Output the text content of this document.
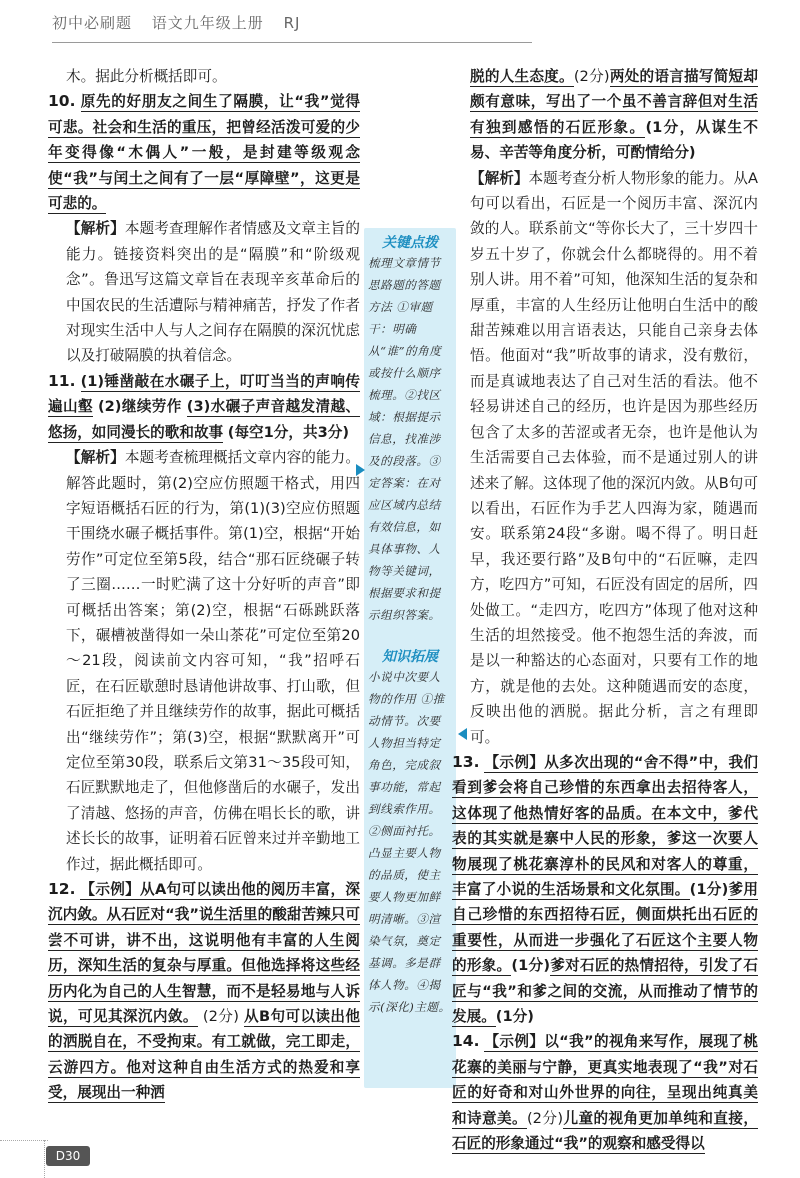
初中必刷题 语文九年级上册 RJ

木。据此分析概括即可。

10. 原先的好朋友之间生了隔膜，让“我”觉得可悲。社会和生活的重压，把曾经活泼可爱的少年变得像“木偶人”一般，是封建等级观念使“我”与闰土之间有了一层“厚障壁”，这更是可悲的。

【解析】本题考查理解作者情感及文章主旨的能力。链接资料突出的是“隔膜”和“阶级观念”。鲁迅写这篇文章旨在表现辛亥革命后的中国农民的生活遭际与精神痛苦，抒发了作者对现实生活中人与人之间存在隔膜的深沉忧虑以及打破隔膜的执着信念。

11. (1)锤凿敲在水碾子上，叮叮当当的声响传遍山壑 (2)继续劳作 (3)水碾子声音越发清越、悠扬，如同漫长的歌和故事 (每空1分，共3分)

【解析】本题考查梳理概括文章内容的能力。解答此题时，第(2)空应仿照题干格式，用四字短语概括石匠的行为，第(1)(3)空应仿照题干围绕水碾子概括事件。第(1)空，根据“开始劳作”可定位至第5段，结合“那石匠绕碾子转了三圈……一时贮满了这十分好听的声音”即可概括出答案；第(2)空，根据“石砾跳跃落下，碾槽被凿得如一朵山茶花”可定位至第20～21段，阅读前文内容可知，“我”招呼石匠，在石匠歇憩时恳请他讲故事、打山歌，但石匠拒绝了并且继续劳作的故事，据此可概括出“继续劳作”；第(3)空，根据“默默离开”可定位至第30段，联系后文第31～35段可知，石匠默默地走了，但他修凿后的水碾子，发出了清越、悠扬的声音，仿佛在唱长长的歌，讲述长长的故事，证明着石匠曾来过并辛勤地工作过，据此概括即可。

12. 【示例】从A句可以读出他的阅历丰富，深沉内敛。从石匠对“我”说生活里的酸甜苦辣只可尝不可讲，讲不出，这说明他有丰富的人生阅历，深知生活的复杂与厚重。但他选择将这些经历内化为自己的人生智慧，而不是轻易地与人诉说，可见其深沉内敛。 (2分) 从B句可以读出他的洒脱自在，不受拘束。有工就做，完工即走，云游四方。他对这种自由生活方式的热爱和享受，展现出一种洒

关键点拨
梳理文章情节思路题的答题方法 ①审题干：明确从“谁”的角度或按什么顺序梳理。②找区域：根据提示信息，找准涉及的段落。③定答案：在对应区域内总结有效信息，如具体事物、人物等关键词，根据要求和提示组织答案。
知识拓展
小说中次要人物的作用 ①推动情节。次要人物担当特定角色，完成叙事功能，常起到线索作用。②侧面衬托。凸显主要人物的品质，使主要人物更加鲜明清晰。③渲染气氛，奠定基调。多是群体人物。④揭示(深化)主题。

脱的人生态度。(2分)两处的语言描写简短却颇有意味，写出了一个虽不善言辞但对生活有独到感悟的石匠形象。(1分，从谋生不易、辛苦等角度分析，可酌情给分)

【解析】本题考查分析人物形象的能力。从A句可以看出，石匠是一个阅历丰富、深沉内敛的人。联系前文“等你长大了，三十岁四十岁五十岁了，你就会什么都晓得的。用不着别人讲。用不着”可知，他深知生活的复杂和厚重，丰富的人生经历让他明白生活中的酸甜苦辣难以用言语表达，只能自己亲身去体悟。他面对“我”听故事的请求，没有敷衍，而是真诚地表达了自己对生活的看法。他不轻易讲述自己的经历，也许是因为那些经历包含了太多的苦涩或者无奈，也许是他认为生活需要自己去体验，而不是通过别人的讲述来了解。这体现了他的深沉内敛。从B句可以看出，石匠作为手艺人四海为家，随遇而安。联系第24段“多谢。喝不得了。明日赶早，我还要行路”及B句中的“石匠嘛，走四方，吃四方”可知，石匠没有固定的居所，四处做工。“走四方，吃四方”体现了他对这种生活的坦然接受。他不抱怨生活的奔波，而是以一种豁达的心态面对，只要有工作的地方，就是他的去处。这种随遇而安的态度，反映出他的洒脱。据此分析，言之有理即可。

13. 【示例】从多次出现的“舍不得”中，我们看到爹会将自己珍惜的东西拿出去招待客人，这体现了他热情好客的品质。在本文中，爹代表的其实就是寨中人民的形象，爹这一次要人物展现了桃花寨淳朴的民风和对客人的尊重，丰富了小说的生活场景和文化氛围。(1分)爹用自己珍惜的东西招待石匠，侧面烘托出石匠的重要性，从而进一步强化了石匠这个主要人物的形象。(1分)爹对石匠的热情招待，引发了石匠与“我”和爹之间的交流，从而推动了情节的发展。(1分)

14. 【示例】以“我”的视角来写作，展现了桃花寨的美丽与宁静，更真实地表现了“我”对石匠的好奇和对山外世界的向往，呈现出纯真美和诗意美。(2分)儿童的视角更加单纯和直接，石匠的形象通过“我”的观察和感受得以

D30
